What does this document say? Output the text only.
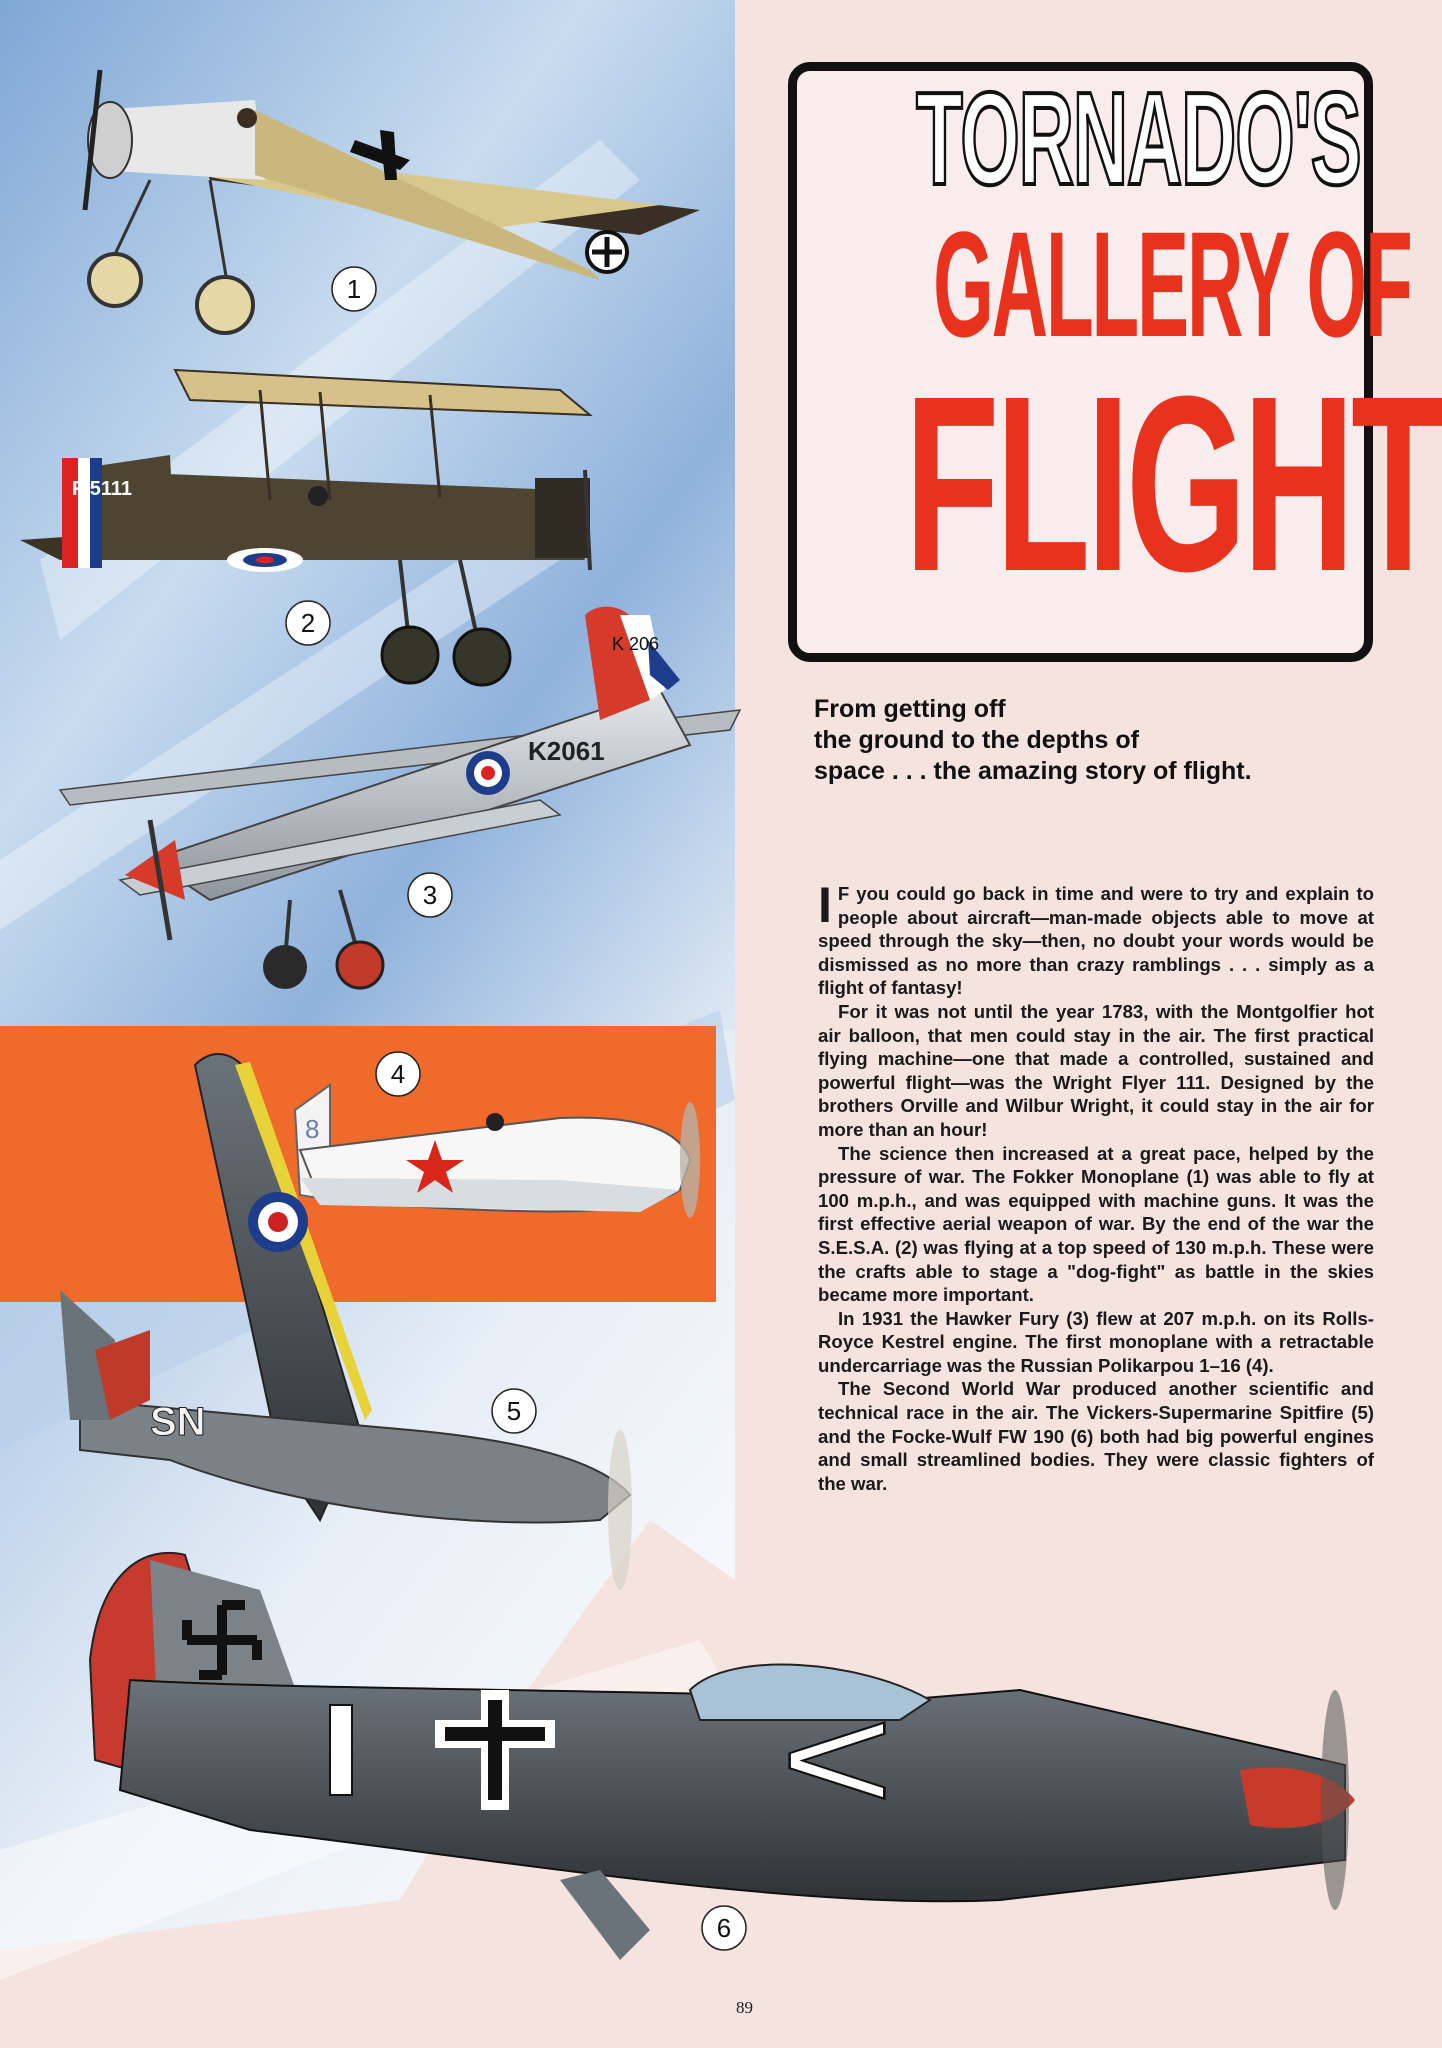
F 5111
K 206
K2061
8
SN
<
1
2
3
4
5
6
TORNADO'S
GALLERY OF
FLIGHT
From getting off
the ground to the depths of
space . . . the amazing story of flight.

I F you could go back in time and were to try and explain to people about aircraft—man-made objects able to move at speed through the sky—then, no doubt your words would be dismissed as no more than crazy ramblings . . . simply as a flight of fantasy!

For it was not until the year 1783, with the Montgolfier hot air balloon, that men could stay in the air. The first practical flying machine—one that made a controlled, sustained and powerful flight—was the Wright Flyer 111. Designed by the brothers Orville and Wilbur Wright, it could stay in the air for more than an hour!

The science then increased at a great pace, helped by the pressure of war. The Fokker Monoplane (1) was able to fly at 100 m.p.h., and was equipped with machine guns. It was the first effective aerial weapon of war. By the end of the war the S.E.S.A. (2) was flying at a top speed of 130 m.p.h. These were the crafts able to stage a "dog-fight" as battle in the skies became more important.

In 1931 the Hawker Fury (3) flew at 207 m.p.h. on its Rolls-Royce Kestrel engine. The first monoplane with a retractable undercarriage was the Russian Polikarpou 1–16 (4).

The Second World War produced another scientific and technical race in the air. The Vickers-Supermarine Spitfire (5) and the Focke-Wulf FW 190 (6) both had big powerful engines and small streamlined bodies. They were classic fighters of the war.

89
